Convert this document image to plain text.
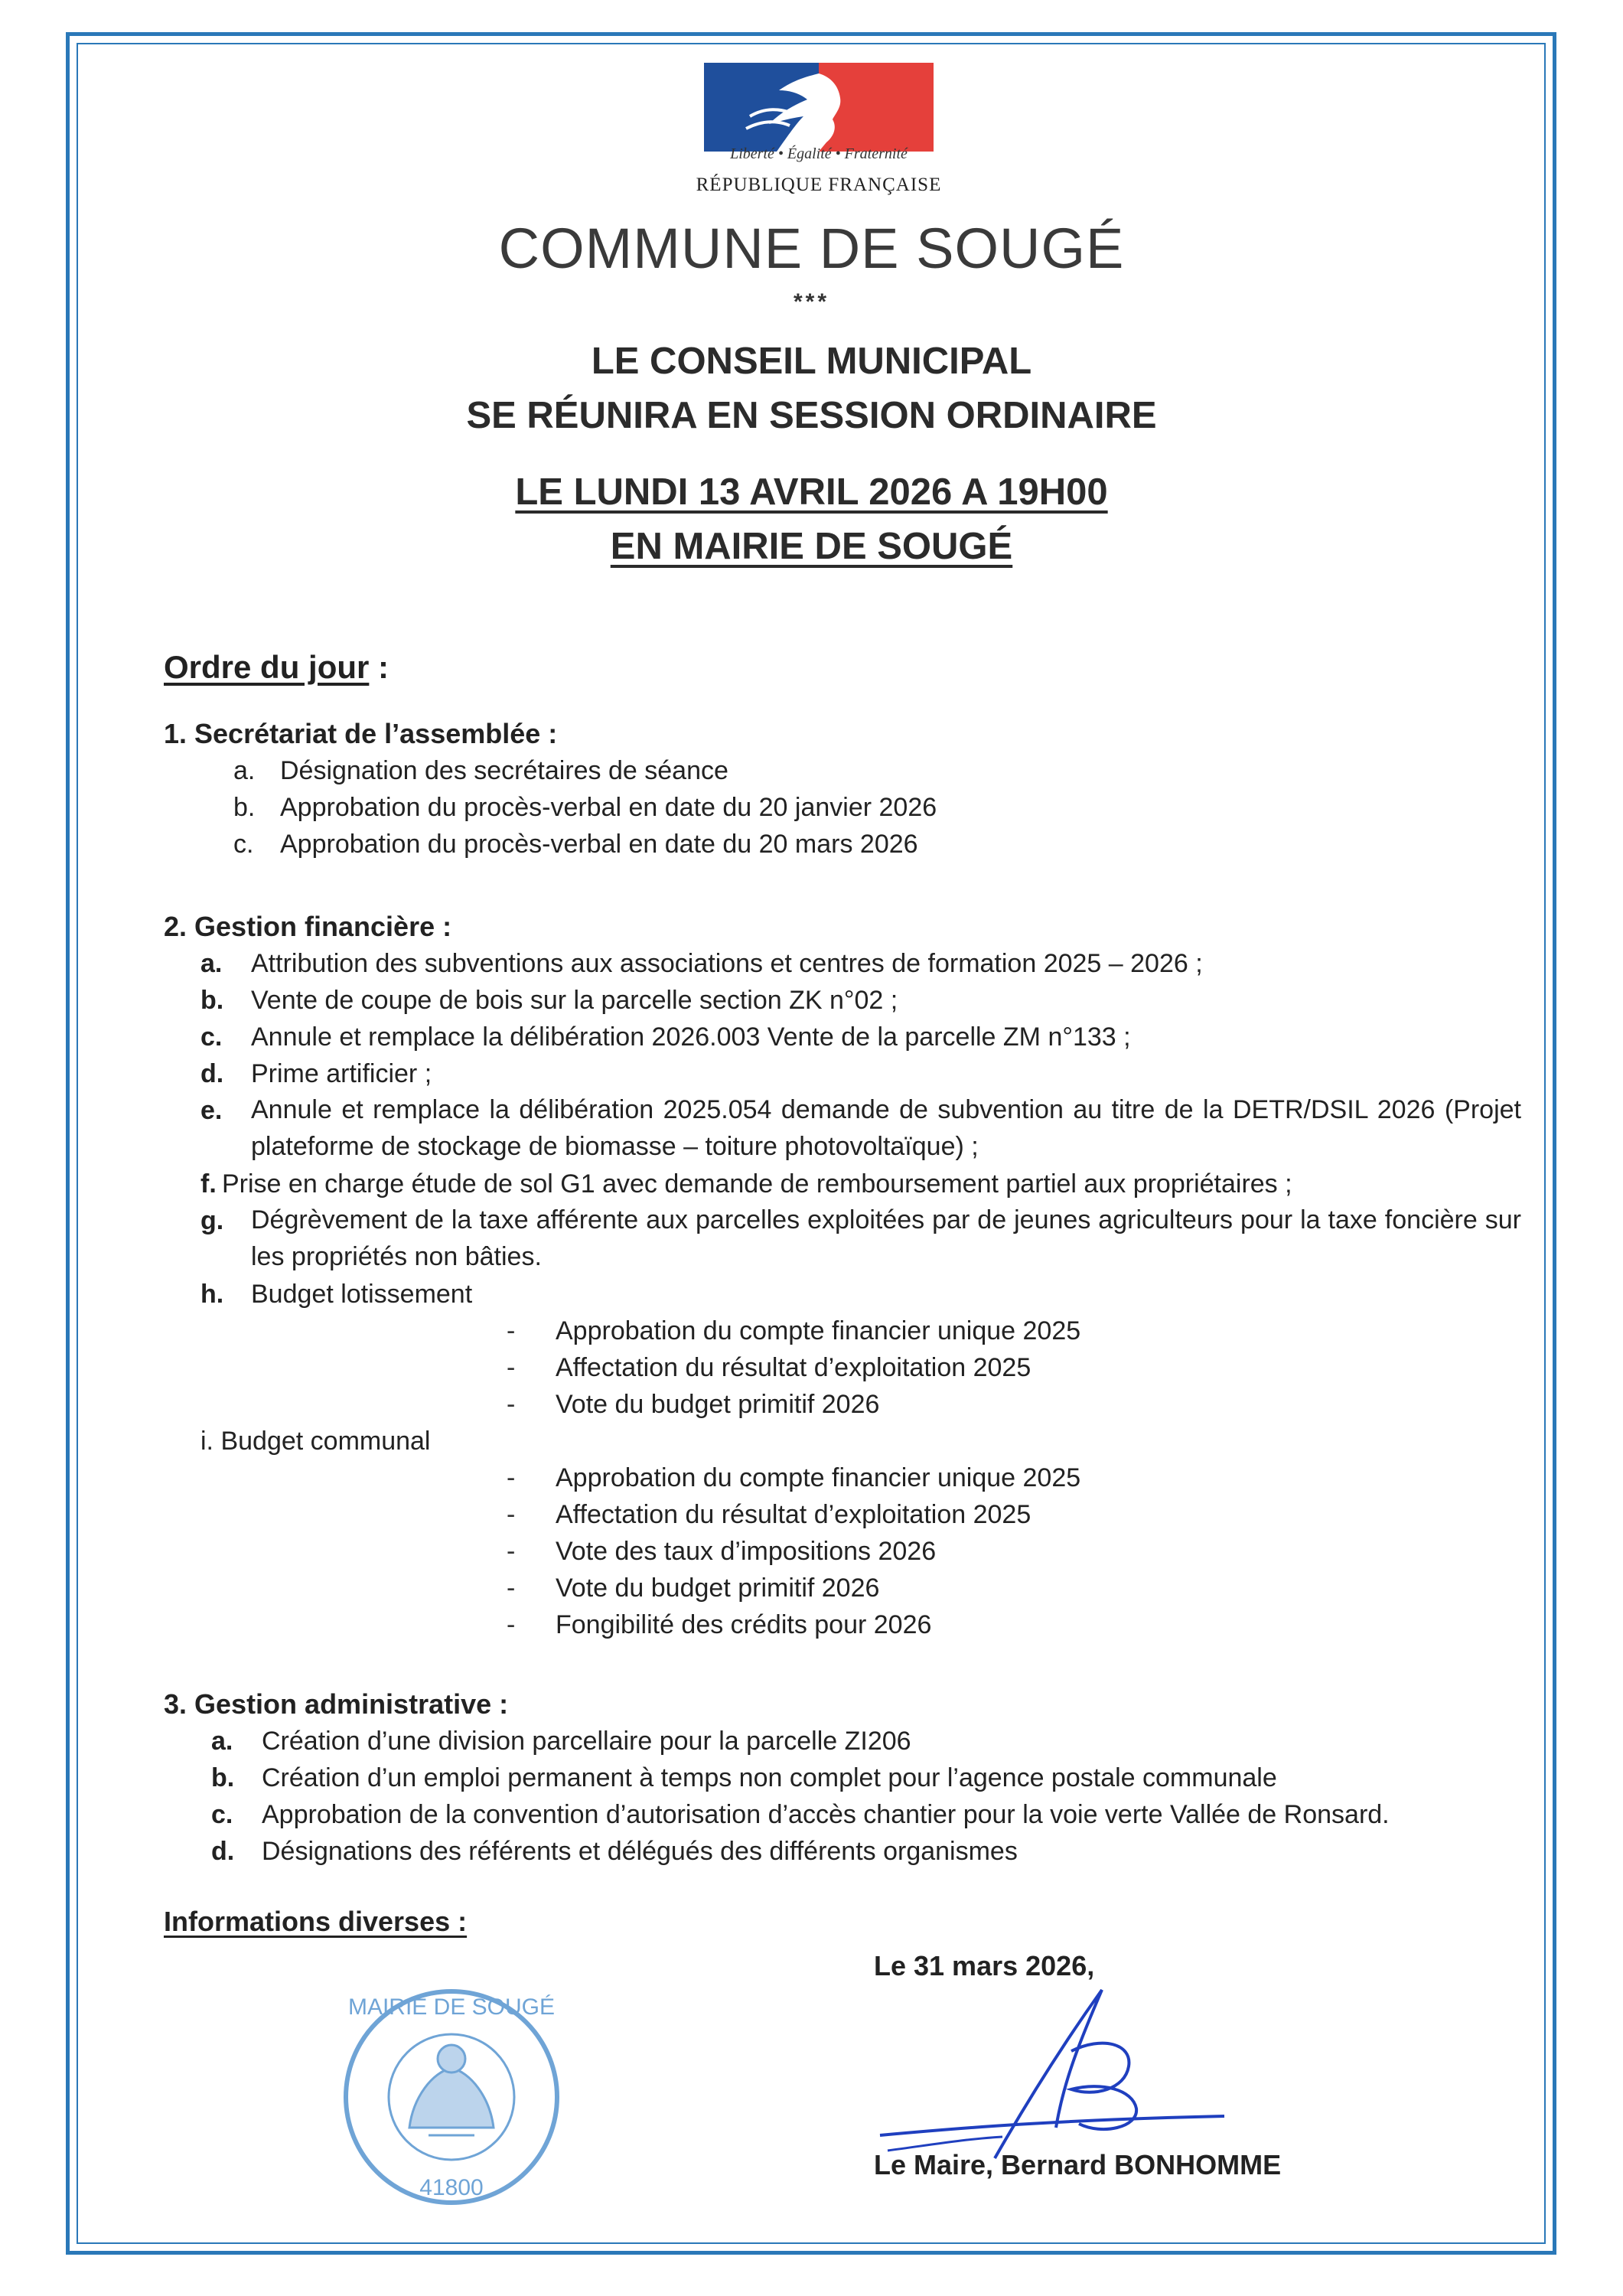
Liberté • Égalité • Fraternité
RÉPUBLIQUE FRANÇAISE
COMMUNE DE SOUGÉ
***
LE CONSEIL MUNICIPAL
SE RÉUNIRA EN SESSION ORDINAIRE
LE LUNDI 13 AVRIL 2026 A 19H00
EN MAIRIE DE SOUGÉ
Ordre du jour :
1. Secrétariat de l’assemblée :
a. Désignation des secrétaires de séance
b. Approbation du procès-verbal en date du 20 janvier 2026
c. Approbation du procès-verbal en date du 20 mars 2026
2. Gestion financière :
a. Attribution des subventions aux associations et centres de formation 2025 – 2026 ;
b. Vente de coupe de bois sur la parcelle section ZK n°02 ;
c. Annule et remplace la délibération 2026.003 Vente de la parcelle ZM n°133 ;
d. Prime artificier ;
e. Annule et remplace la délibération 2025.054 demande de subvention au titre de la DETR/DSIL 2026 (Projet plateforme de stockage de biomasse – toiture photovoltaïque) ;
f. Prise en charge étude de sol G1 avec demande de remboursement partiel aux propriétaires ;
g. Dégrèvement de la taxe afférente aux parcelles exploitées par de jeunes agriculteurs pour la taxe foncière sur les propriétés non bâties.
h. Budget lotissement
- Approbation du compte financier unique 2025
- Affectation du résultat d’exploitation 2025
- Vote du budget primitif 2026
i. Budget communal
- Approbation du compte financier unique 2025
- Affectation du résultat d’exploitation 2025
- Vote des taux d’impositions 2026
- Vote du budget primitif 2026
- Fongibilité des crédits pour 2026
3. Gestion administrative :
a. Création d’une division parcellaire pour la parcelle ZI206
b. Création d’un emploi permanent à temps non complet pour l’agence postale communale
c. Approbation de la convention d’autorisation d’accès chantier pour la voie verte Vallée de Ronsard.
d. Désignations des référents et délégués des différents organismes
Informations diverses :
Le 31 mars 2026,
MAIRIE DE SOUGÉ
41800
Le Maire, Bernard BONHOMME
